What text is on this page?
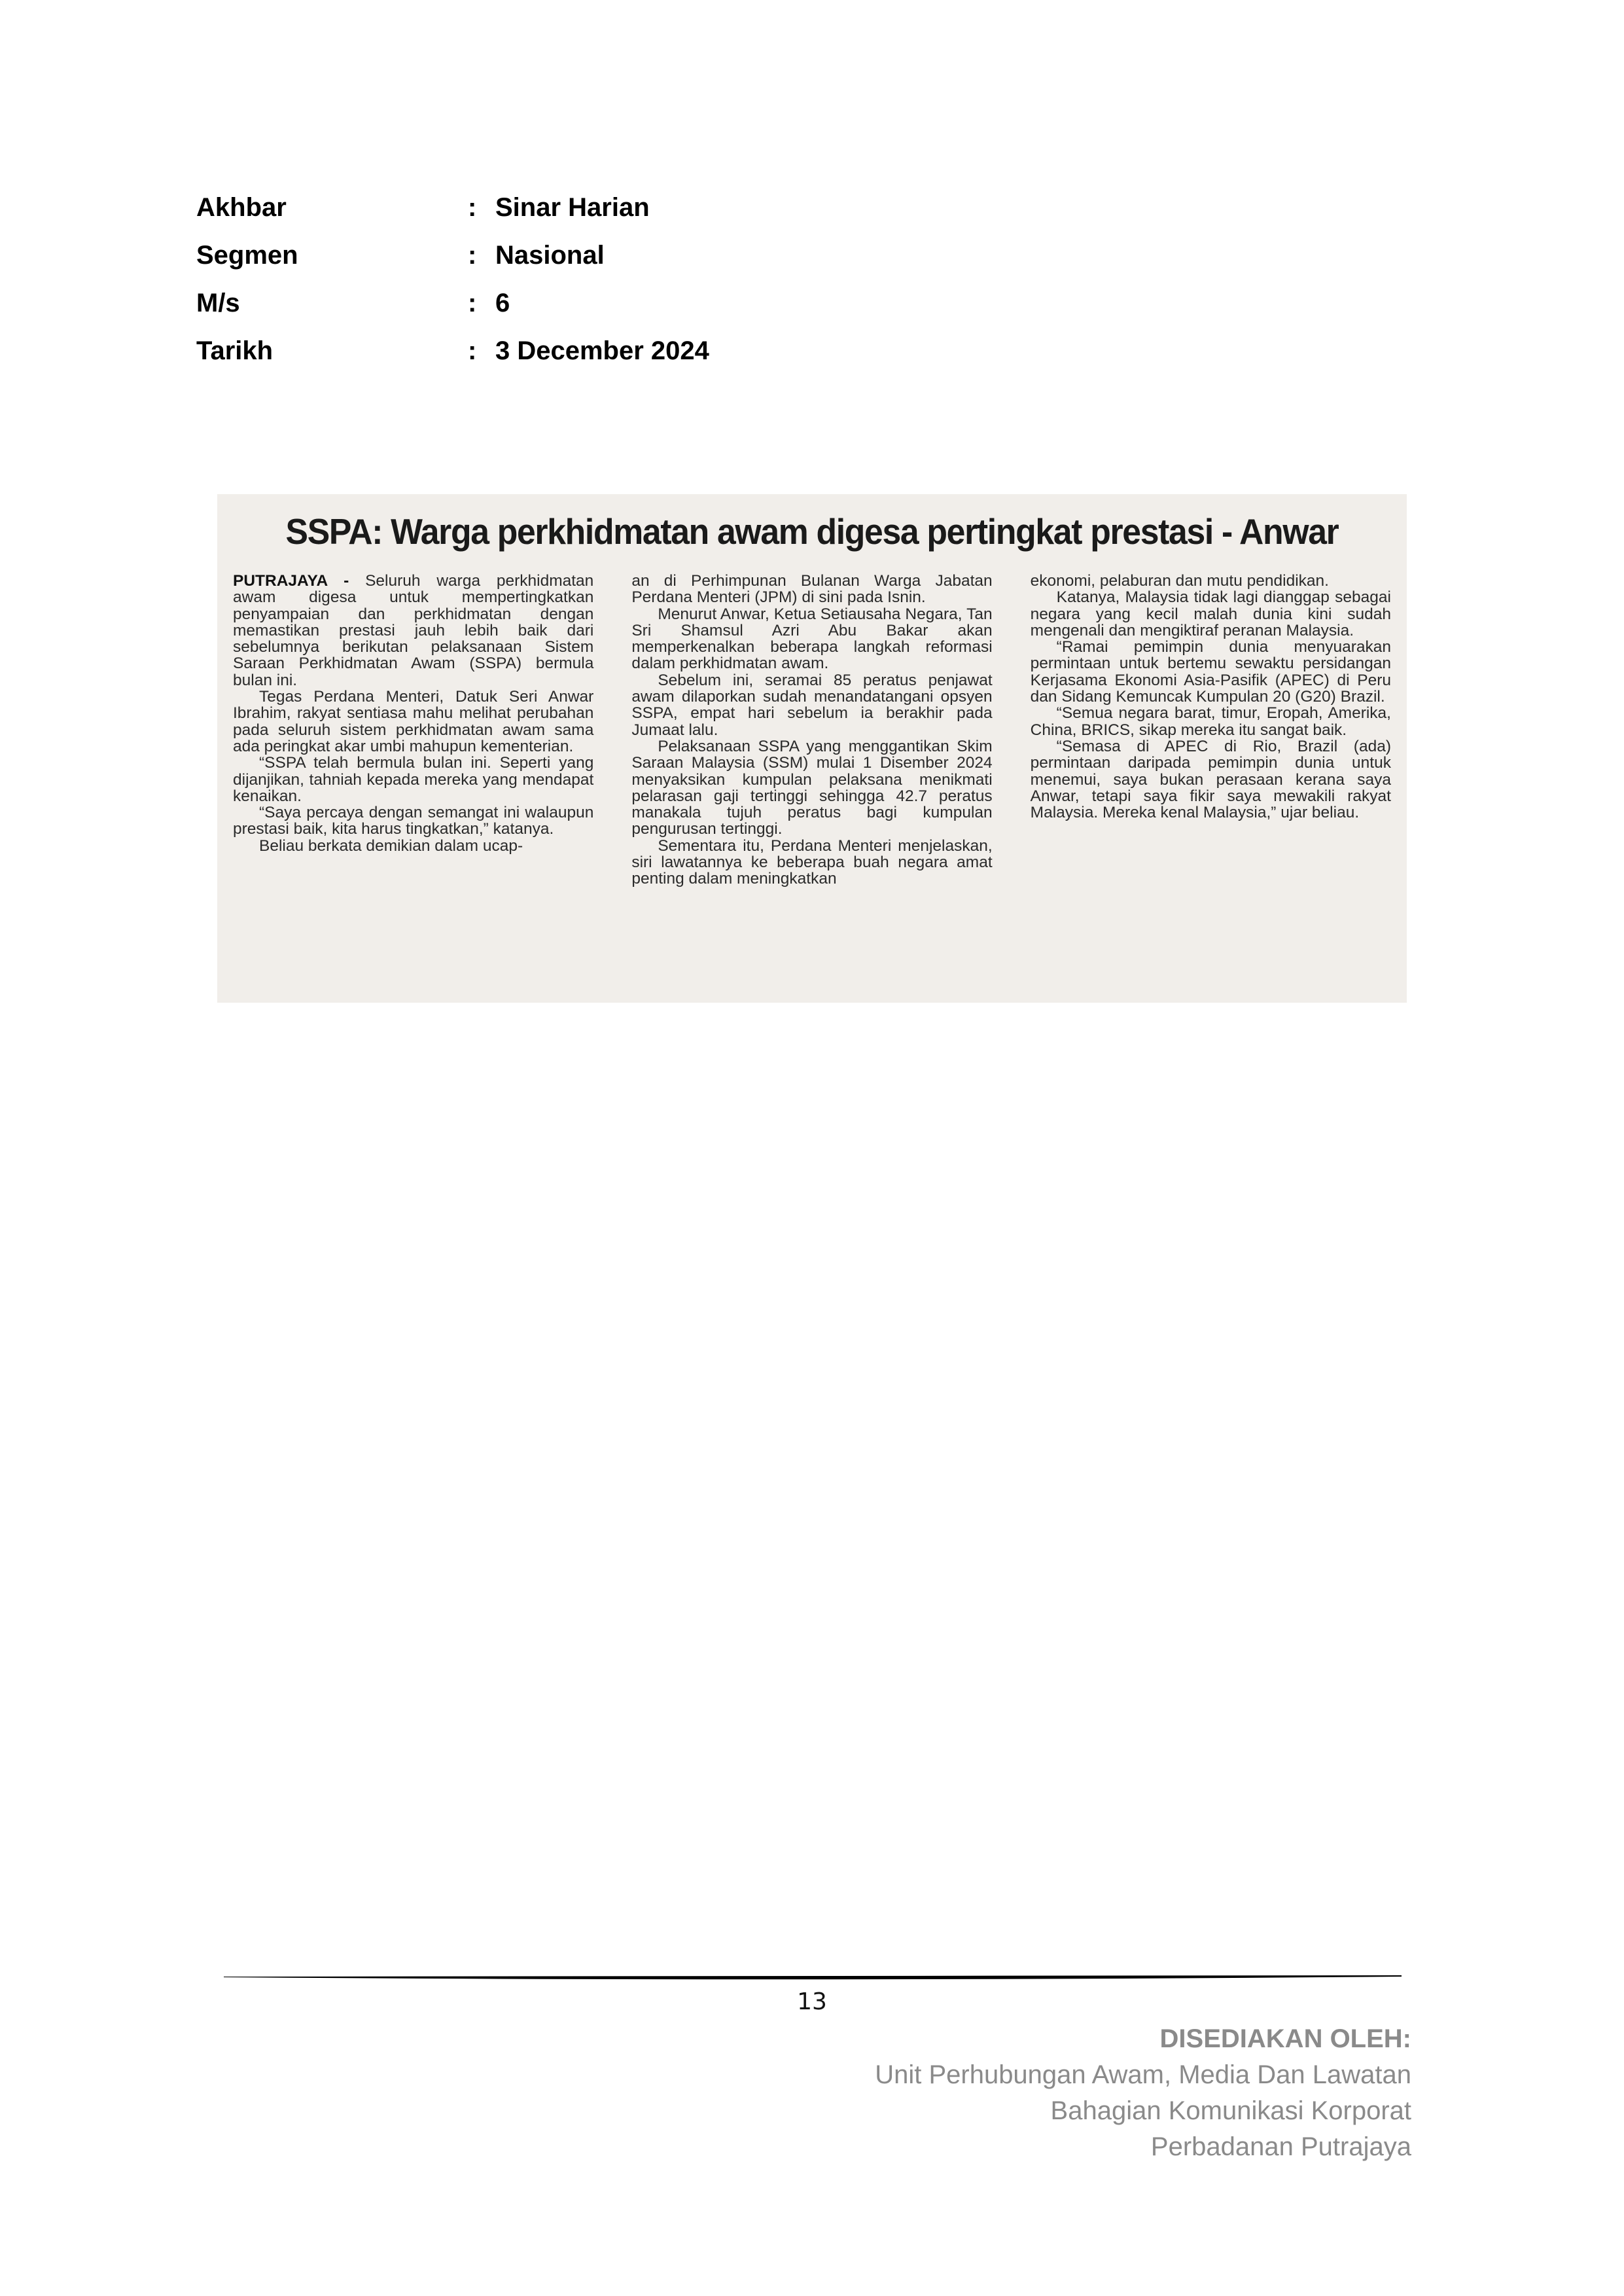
Akhbar	: Sinar Harian
Segmen	: Nasional
M/s	: 6
Tarikh	: 3 December 2024
SSPA: Warga perkhidmatan awam digesa pertingkat prestasi - Anwar

PUTRAJAYA - Seluruh warga perkhidmatan awam digesa untuk mempertingkatkan penyampaian dan perkhidmatan dengan memastikan prestasi jauh lebih baik dari sebelumnya berikutan pelaksanaan Sistem Saraan Perkhidmatan Awam (SSPA) bermula bulan ini.

Tegas Perdana Menteri, Datuk Seri Anwar Ibrahim, rakyat sentiasa mahu melihat perubahan pada seluruh sistem perkhidmatan awam sama ada peringkat akar umbi mahupun kementerian.

“SSPA telah bermula bulan ini. Seperti yang dijanjikan, tahniah kepada mereka yang mendapat kenaikan.

“Saya percaya dengan semangat ini walaupun prestasi baik, kita harus tingkatkan,” katanya.

Beliau berkata demikian dalam ucap-

an di Perhimpunan Bulanan Warga Jabatan Perdana Menteri (JPM) di sini pada Isnin.

Menurut Anwar, Ketua Setiausaha Negara, Tan Sri Shamsul Azri Abu Bakar akan memperkenalkan beberapa langkah reformasi dalam perkhidmatan awam.

Sebelum ini, seramai 85 peratus penjawat awam dilaporkan sudah menandatangani opsyen SSPA, empat hari sebelum ia berakhir pada Jumaat lalu.

Pelaksanaan SSPA yang menggantikan Skim Saraan Malaysia (SSM) mulai 1 Disember 2024 menyaksikan kumpulan pelaksana menikmati pelarasan gaji tertinggi sehingga 42.7 peratus manakala tujuh peratus bagi kumpulan pengurusan tertinggi.

Sementara itu, Perdana Menteri menjelaskan, siri lawatannya ke beberapa buah negara amat penting dalam meningkatkan

ekonomi, pelaburan dan mutu pendidikan.

Katanya, Malaysia tidak lagi dianggap sebagai negara yang kecil malah dunia kini sudah mengenali dan mengiktiraf peranan Malaysia.

“Ramai pemimpin dunia menyuarakan permintaan untuk bertemu sewaktu persidangan Kerjasama Ekonomi Asia-Pasifik (APEC) di Peru dan Sidang Kemuncak Kumpulan 20 (G20) Brazil.

“Semua negara barat, timur, Eropah, Amerika, China, BRICS, sikap mereka itu sangat baik.

“Semasa di APEC di Rio, Brazil (ada) permintaan daripada pemimpin dunia untuk menemui, saya bukan perasaan kerana saya Anwar, tetapi saya fikir saya mewakili rakyat Malaysia. Mereka kenal Malaysia,” ujar beliau.

13
DISEDIAKAN OLEH:
Unit Perhubungan Awam, Media Dan Lawatan
Bahagian Komunikasi Korporat
Perbadanan Putrajaya
